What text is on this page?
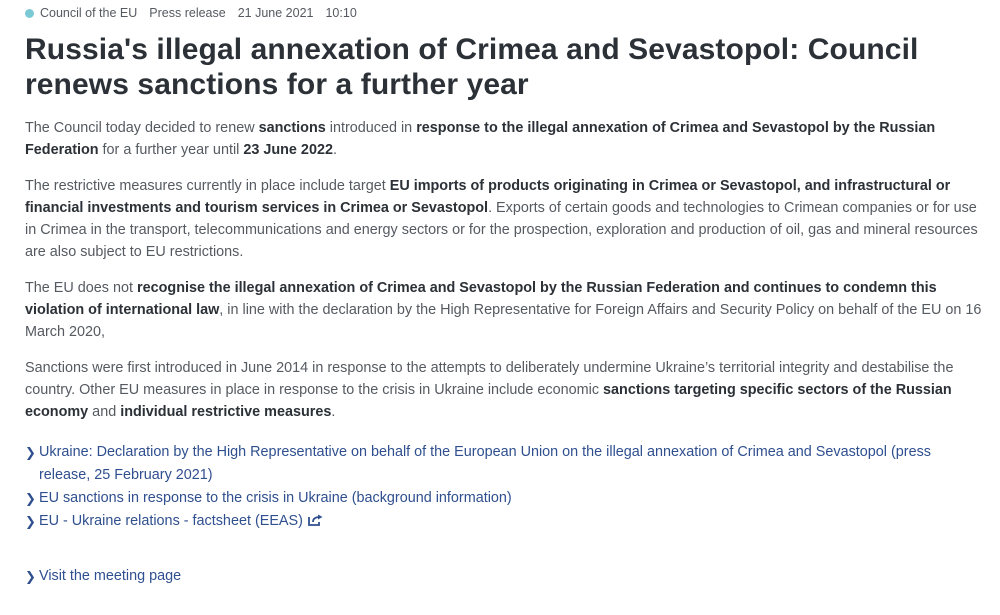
Council of the EU Press release 21 June 2021 10:10
Russia's illegal annexation of Crimea and Sevastopol: Council renews sanctions for a further year

The Council today decided to renew sanctions introduced in response to the illegal annexation of Crimea and Sevastopol by the Russian Federation for a further year until 23 June 2022.

The restrictive measures currently in place include target EU imports of products originating in Crimea or Sevastopol, and infrastructural or financial investments and tourism services in Crimea or Sevastopol. Exports of certain goods and technologies to Crimean companies or for use in Crimea in the transport, telecommunications and energy sectors or for the prospection, exploration and production of oil, gas and mineral resources are also subject to EU restrictions.

The EU does not recognise the illegal annexation of Crimea and Sevastopol by the Russian Federation and continues to condemn this violation of international law, in line with the declaration by the High Representative for Foreign Affairs and Security Policy on behalf of the EU on 16 March 2020,

Sanctions were first introduced in June 2014 in response to the attempts to deliberately undermine Ukraine’s territorial integrity and destabilise the country. Other EU measures in place in response to the crisis in Ukraine include economic sanctions targeting specific sectors of the Russian economy and individual restrictive measures.

❯ Ukraine: Declaration by the High Representative on behalf of the European Union on the illegal annexation of Crimea and Sevastopol (press release, 25 February 2021)
❯ EU sanctions in response to the crisis in Ukraine (background information)
❯ EU - Ukraine relations - factsheet (EEAS)
❯ Visit the meeting page
